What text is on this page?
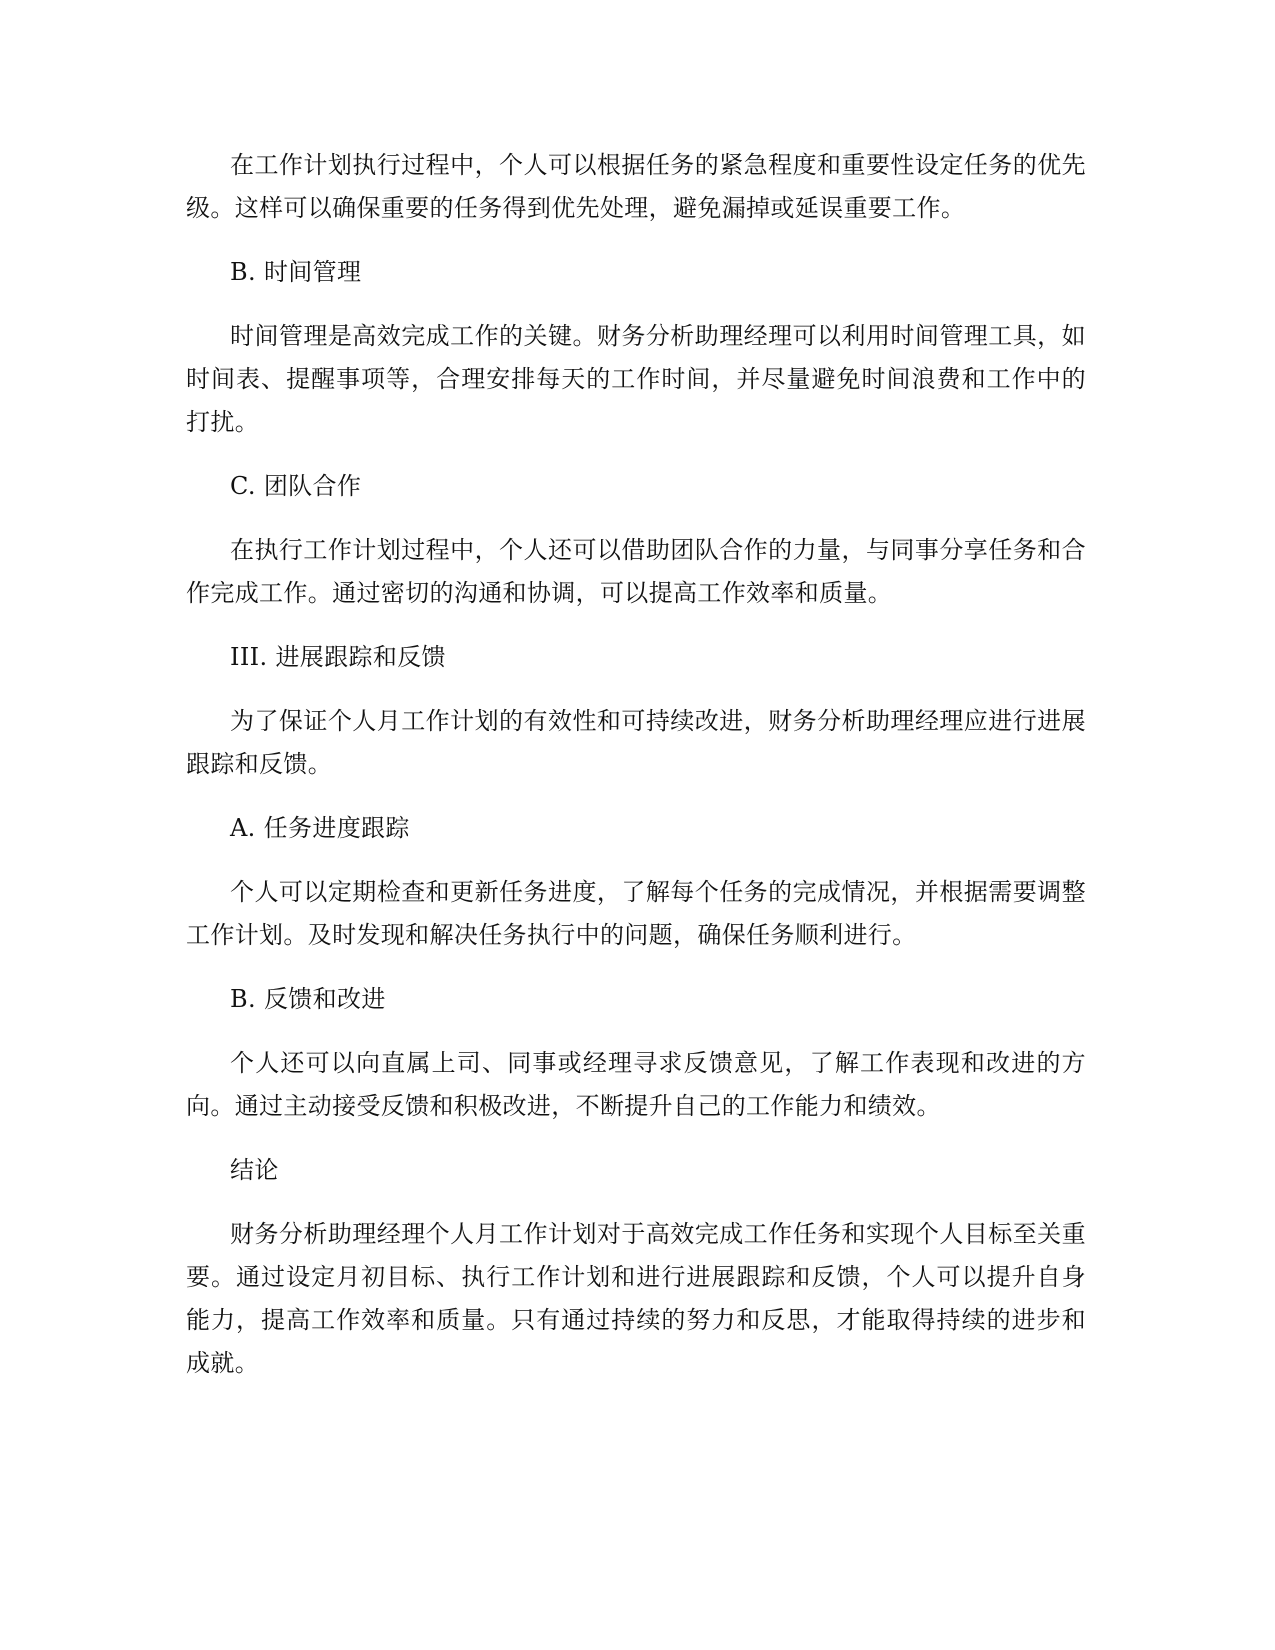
在工作计划执行过程中，个人可以根据任务的紧急程度和重要性设定任务的优先级。这样可以确保重要的任务得到优先处理，避免漏掉或延误重要工作。

B. 时间管理

时间管理是高效完成工作的关键。财务分析助理经理可以利用时间管理工具，如时间表、提醒事项等，合理安排每天的工作时间，并尽量避免时间浪费和工作中的打扰。

C. 团队合作

在执行工作计划过程中，个人还可以借助团队合作的力量，与同事分享任务和合作完成工作。通过密切的沟通和协调，可以提高工作效率和质量。

III. 进展跟踪和反馈

为了保证个人月工作计划的有效性和可持续改进，财务分析助理经理应进行进展跟踪和反馈。

A. 任务进度跟踪

个人可以定期检查和更新任务进度，了解每个任务的完成情况，并根据需要调整工作计划。及时发现和解决任务执行中的问题，确保任务顺利进行。

B. 反馈和改进

个人还可以向直属上司、同事或经理寻求反馈意见，了解工作表现和改进的方向。通过主动接受反馈和积极改进，不断提升自己的工作能力和绩效。

结论

财务分析助理经理个人月工作计划对于高效完成工作任务和实现个人目标至关重要。通过设定月初目标、执行工作计划和进行进展跟踪和反馈，个人可以提升自身能力，提高工作效率和质量。只有通过持续的努力和反思，才能取得持续的进步和成就。
